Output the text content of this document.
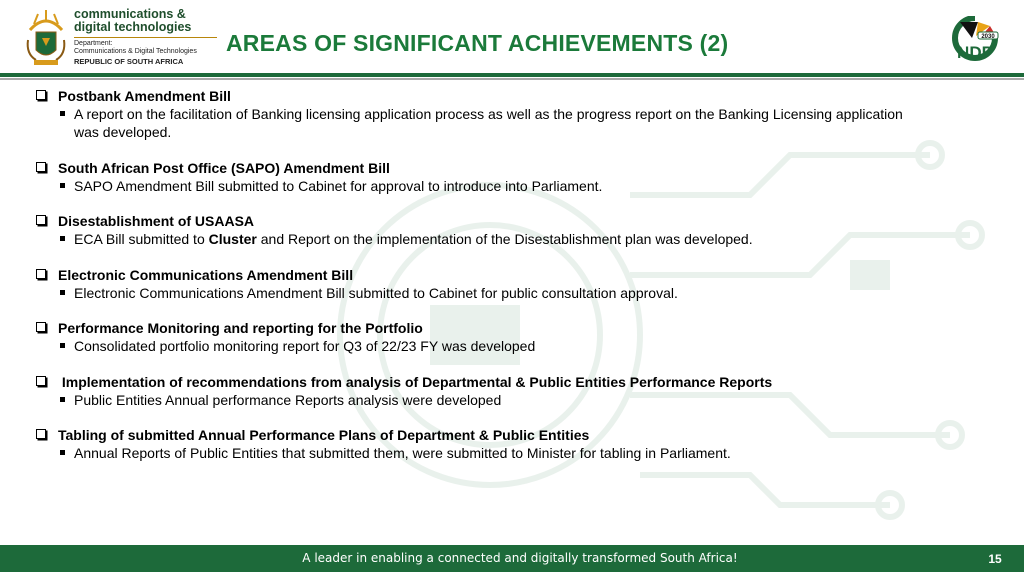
communications &
digital technologies
Department:
Communications & Digital Technologies
REPUBLIC OF SOUTH AFRICA
AREAS OF SIGNIFICANT ACHIEVEMENTS (2)	2030
NDP
Postbank Amendment Bill
A report on the facilitation of Banking licensing application process as well as the progress report on the Banking Licensing application
was developed.
South African Post Office (SAPO) Amendment Bill
SAPO Amendment Bill submitted to Cabinet for approval to introduce into Parliament.
Disestablishment of USAASA
ECA Bill submitted to Cluster and Report on the implementation of the Disestablishment plan was developed.
Electronic Communications Amendment Bill
Electronic Communications Amendment Bill submitted to Cabinet for public consultation approval.
Performance Monitoring and reporting for the Portfolio
Consolidated portfolio monitoring report for Q3 of 22/23 FY was developed
Implementation of recommendations from analysis of Departmental & Public Entities Performance Reports
Public Entities Annual performance Reports analysis were developed
Tabling of submitted Annual Performance Plans of Department & Public Entities
Annual Reports of Public Entities that submitted them, were submitted to Minister for tabling in Parliament.
A leader in enabling a connected and digitally transformed South Africa!	15
